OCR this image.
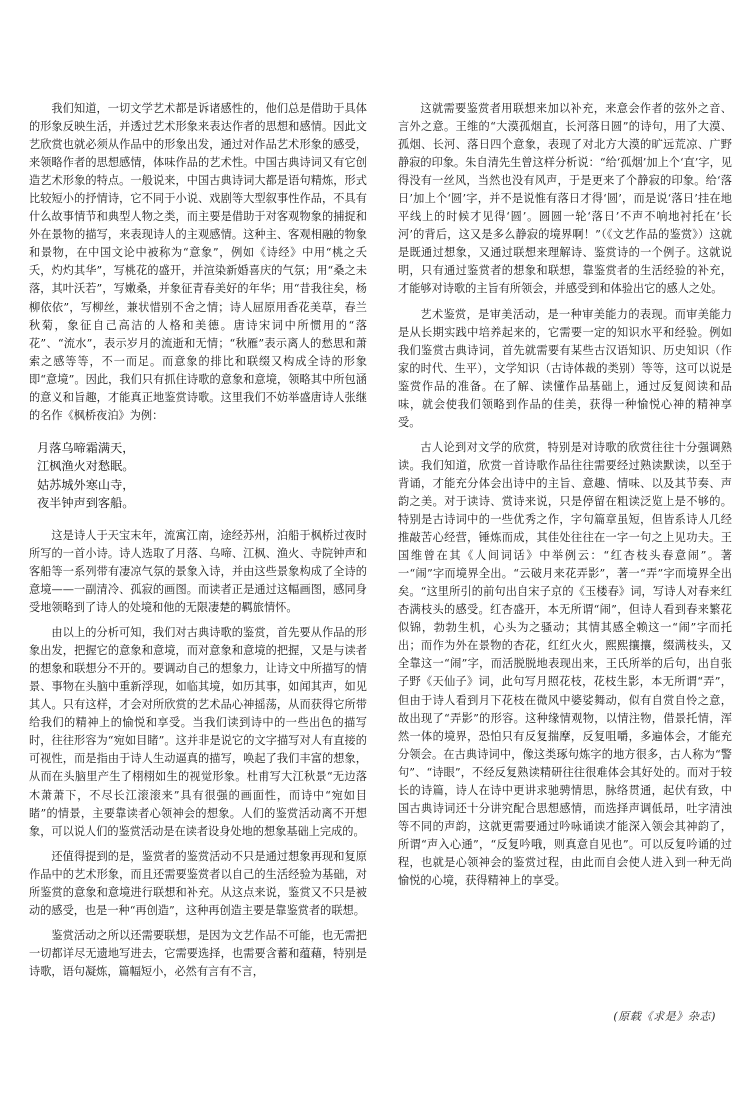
我们知道，一切文学艺术都是诉诸感性的，他们总是借助于具体的形象反映生活，并透过艺术形象来表达作者的思想和感情。因此文艺欣赏也就必须从作品中的形象出发，通过对作品艺术形象的感受，来领略作者的思想感情，体味作品的艺术性。中国古典诗词又有它创造艺术形象的特点。一般说来，中国古典诗词大都是语句精炼，形式比较短小的抒情诗，它不同于小说、戏剧等大型叙事性作品，不具有什么故事情节和典型人物之类，而主要是借助于对客观物象的捕捉和外在景物的描写，来表现诗人的主观感情。这种主、客观相融的物象和景物，在中国文论中被称为“意象”，例如《诗经》中用“桃之夭夭，灼灼其华”，写桃花的盛开，并渲染新婚喜庆的气氛；用“桑之未落，其叶沃若”，写嫩桑，并象征青春美好的年华；用“昔我往矣，杨柳依依”，写柳丝，兼状惜别不舍之情；诗人屈原用香花美草，春兰秋菊，象征自己高洁的人格和美德。唐诗宋词中所惯用的“落花”、“流水”，表示岁月的流逝和无情；“秋雁”表示离人的愁思和萧索之感等等，不一而足。而意象的排比和联缀又构成全诗的形象即“意境”。因此，我们只有抓住诗歌的意象和意境，领略其中所包涵的意义和旨趣，才能真正地鉴赏诗歌。这里我们不妨举盛唐诗人张继的名作《枫桥夜泊》为例：

月落乌啼霜满天，
江枫渔火对愁眠。
姑苏城外寒山寺，
夜半钟声到客船。

这是诗人于天宝末年，流寓江南，途经苏州，泊船于枫桥过夜时所写的一首小诗。诗人选取了月落、乌啼、江枫、渔火、寺院钟声和客船等一系列带有凄凉气氛的景象入诗，并由这些景象构成了全诗的意境——一副清冷、孤寂的画图。而读者正是通过这幅画图，感同身受地领略到了诗人的处境和他的无限凄楚的羁旅情怀。

由以上的分析可知，我们对古典诗歌的鉴赏，首先要从作品的形象出发，把握它的意象和意境，而对意象和意境的把握，又是与读者的想象和联想分不开的。要调动自己的想象力，让诗文中所描写的情景、事物在头脑中重新浮现，如临其境，如历其事，如闻其声，如见其人。只有这样，才会对所欣赏的艺术品心神摇荡，从而获得它所带给我们的精神上的愉悦和享受。当我们读到诗中的一些出色的描写时，往往形容为“宛如目睹”。这并非是说它的文字描写对人有直接的可视性，而是指由于诗人生动逼真的描写，唤起了我们丰富的想象，从而在头脑里产生了栩栩如生的视觉形象。杜甫写大江秋景“无边落木萧萧下，不尽长江滚滚来”具有很强的画面性，而诗中“宛如目睹”的情景，主要靠读者心领神会的想象。人们的鉴赏活动离不开想象，可以说人们的鉴赏活动是在读者设身处地的想象基础上完成的。

还值得提到的是，鉴赏者的鉴赏活动不只是通过想象再现和复原作品中的艺术形象，而且还需要鉴赏者以自己的生活经验为基础，对所鉴赏的意象和意境进行联想和补充。从这点来说，鉴赏又不只是被动的感受，也是一种“再创造”，这种再创造主要是靠鉴赏者的联想。

鉴赏活动之所以还需要联想，是因为文艺作品不可能，也无需把一切都详尽无遗地写进去，它需要选择，也需要含蓄和蕴藉，特别是诗歌，语句凝炼，篇幅短小，必然有言有不言，

这就需要鉴赏者用联想来加以补充，来意会作者的弦外之音、言外之意。王维的“大漠孤烟直，长河落日圆”的诗句，用了大漠、孤烟、长河、落日四个意象，表现了对北方大漠的旷远荒凉、广野静寂的印象。朱自清先生曾这样分析说：“给‘孤烟’加上个‘直’字，见得没有一丝风，当然也没有风声，于是更来了个静寂的印象。给‘落日’加上个‘圆’字，并不是说惟有落日才得‘圆’，而是说‘落日’挂在地平线上的时候才见得‘圆’。圆圆一轮‘落日’不声不响地衬托在‘长河’的背后，这又是多么静寂的境界啊！”（《文艺作品的鉴赏》）这就是既通过想象，又通过联想来理解诗、鉴赏诗的一个例子。这就说明，只有通过鉴赏者的想象和联想，靠鉴赏者的生活经验的补充，才能够对诗歌的主旨有所领会，并感受到和体验出它的感人之处。

艺术鉴赏，是审美活动，是一种审美能力的表现。而审美能力是从长期实践中培养起来的，它需要一定的知识水平和经验。例如我们鉴赏古典诗词，首先就需要有某些古汉语知识、历史知识（作家的时代、生平），文学知识（古诗体裁的类别）等等，这可以说是鉴赏作品的准备。在了解、读懂作品基础上，通过反复阅读和品味，就会使我们领略到作品的佳美，获得一种愉悦心神的精神享受。

古人论到对文学的欣赏，特别是对诗歌的欣赏往往十分强调熟读。我们知道，欣赏一首诗歌作品往往需要经过熟读默读，以至于背诵，才能充分体会出诗中的主旨、意趣、情味、以及其节奏、声韵之美。对于读诗、赏诗来说，只是停留在粗读泛览上是不够的。特别是古诗词中的一些优秀之作，字句篇章虽短，但皆系诗人几经推敲苦心经营，锤炼而成，其佳处往往在一字一句之上见功夫。王国维曾在其《人间词话》中举例云：“红杏枝头春意闹”。著一“闹”字而境界全出。“云破月来花弄影”，著一“弄”字而境界全出矣。“这里所引的前句出自宋子京的《玉楼春》词，写诗人对春来红杏满枝头的感受。红杏盛开，本无所谓“闹”，但诗人看到春来繁花似锦，勃勃生机，心头为之骚动；其情其感全赖这一“闹”字而托出；而作为外在景物的杏花，红红火火，熙熙攘攘，缀满枝头，又全靠这一“闹”字，而活脱脱地表现出来，王氏所举的后句，出自张子野《天仙子》词，此句写月照花枝，花枝生影，本无所谓“弄”，但由于诗人看到月下花枝在微风中婆娑舞动，似有自赏自怜之意，故出现了“弄影”的形容。这种缘情观物，以情注物，借景托情，浑然一体的境界，恐怕只有反复揣摩，反复咀嚼，多遍体会，才能充分领会。在古典诗词中，像这类琢句炼字的地方很多，古人称为“警句”、“诗眼”，不经反复熟读精研往往很难体会其好处的。而对于较长的诗篇，诗人在诗中更讲求驰骋情思，脉络贯通，起伏有致，中国古典诗词还十分讲究配合思想感情，而选择声调低昂，吐字清浊等不同的声韵，这就更需要通过吟咏诵读才能深入领会其神韵了，所谓“声入心通”，“反复吟哦，则真意自见也”。可以反复吟诵的过程，也就是心领神会的鉴赏过程，由此而自会使人进入到一种无尚愉悦的心境，获得精神上的享受。

(原载《求是》杂志)
